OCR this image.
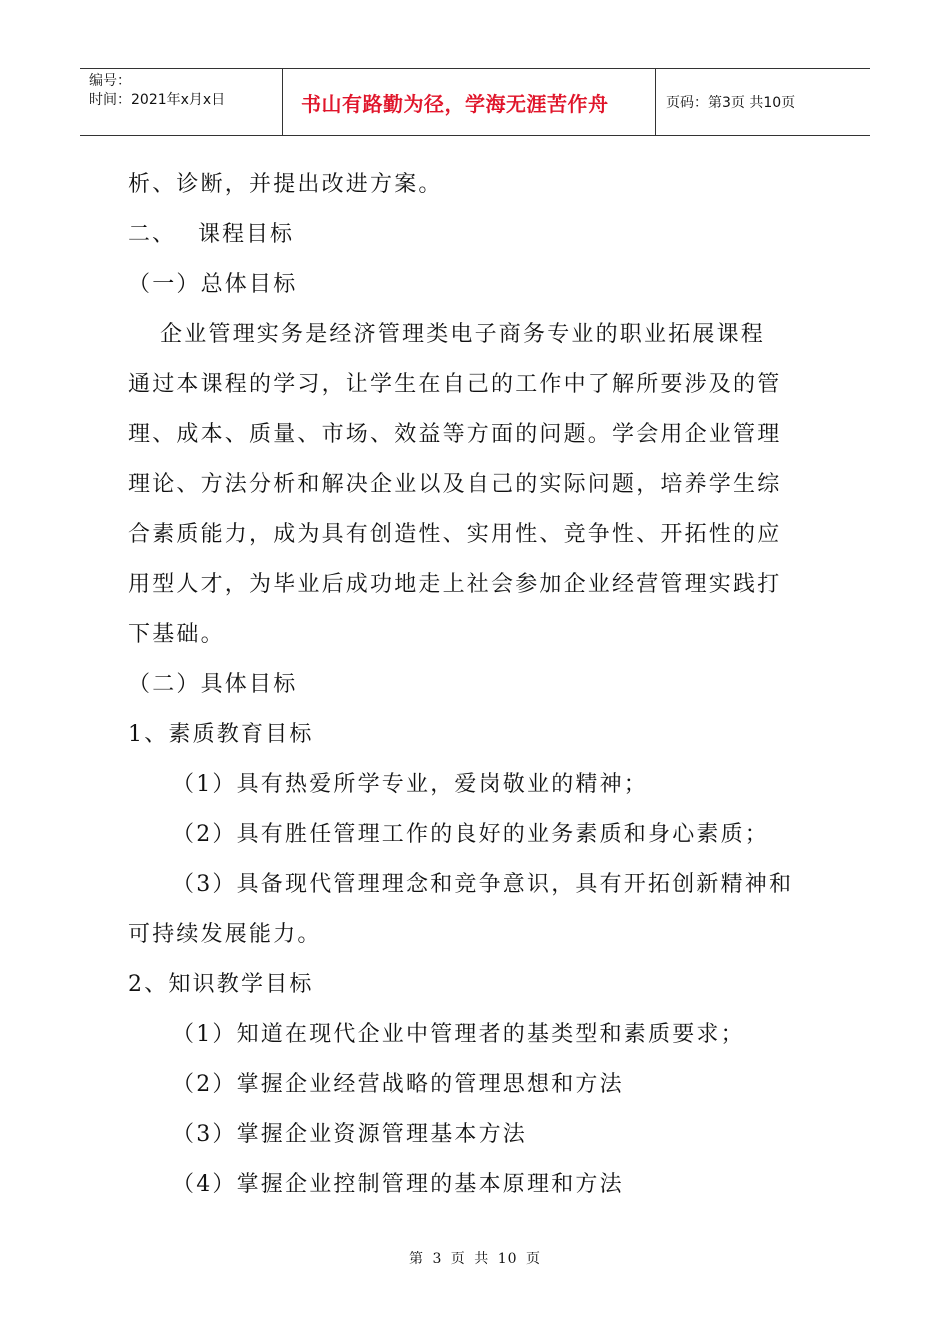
编号：
时间：2021年x月x日	书山有路勤为径，学海无涯苦作舟	页码：第3页 共10页
析、诊断，并提出改进方案。
二、 课程目标
（一）总体目标
企业管理实务是经济管理类电子商务专业的职业拓展课程
通过本课程的学习，让学生在自己的工作中了解所要涉及的管
理、成本、质量、市场、效益等方面的问题。学会用企业管理
理论、方法分析和解决企业以及自己的实际问题，培养学生综
合素质能力，成为具有创造性、实用性、竞争性、开拓性的应
用型人才，为毕业后成功地走上社会参加企业经营管理实践打
下基础。
（二）具体目标
1、素质教育目标
（1）具有热爱所学专业，爱岗敬业的精神；
（2）具有胜任管理工作的良好的业务素质和身心素质；
（3）具备现代管理理念和竞争意识，具有开拓创新精神和
可持续发展能力。
2、知识教学目标
（1）知道在现代企业中管理者的基类型和素质要求；
（2）掌握企业经营战略的管理思想和方法
（3）掌握企业资源管理基本方法
（4）掌握企业控制管理的基本原理和方法
第 3 页 共 10 页
